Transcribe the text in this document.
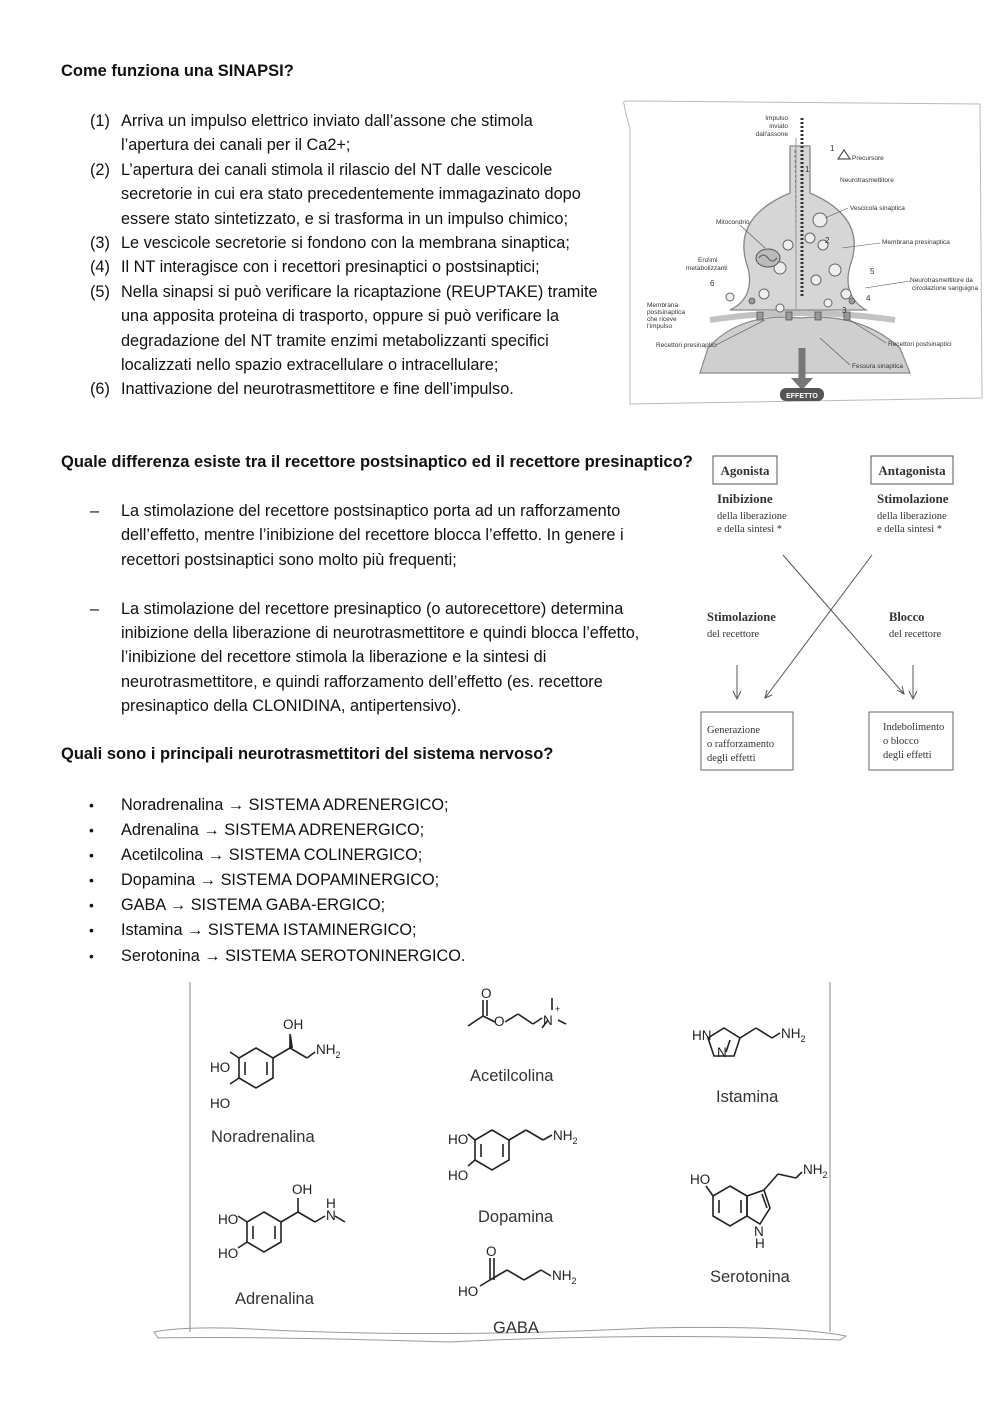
Come funziona una SINAPSI?
(1) Arriva un impulso elettrico inviato dall’assone che stimola
l’apertura dei canali per il Ca2+;
(2) L’apertura dei canali stimola il rilascio del NT dalle vescicole
secretorie in cui era stato precedentemente immagazinato dopo
essere stato sintetizzato, e si trasforma in un impulso chimico;
(3) Le vescicole secretorie si fondono con la membrana sinaptica;
(4) Il NT interagisce con i recettori presinaptici o postsinaptici;
(5) Nella sinapsi si può verificare la ricaptazione (REUPTAKE) tramite
una apposita proteina di trasporto, oppure si può verificare la
degradazione del NT tramite enzimi metabolizzanti specifici
localizzati nello spazio extracellulare o intracellulare;
(6) Inattivazione del neurotrasmettitore e fine dell’impulso.	EFFETTO
Impulso
inviato
dall'assone
1
Precursore
1
Neurotrasmettitore
Vescicola sinaptica
Mitocondrio
2	Membrana presinaptica
Enzimi
metabolizzanti
6
5
Neurotrasmettitore da
circolazione sanguigna
3
4
Membrana
postsinaptica
che riceve
l'impulso
Recettori presinaptici	Recettori postsinaptici
Fessura sinaptica
Quale differenza esiste tra il recettore postsinaptico ed il recettore presinaptico?
– La stimolazione del recettore postsinaptico porta ad un rafforzamento
dell’effetto, mentre l’inibizione del recettore blocca l’effetto. In genere i
recettori postsinaptici sono molto più frequenti;
– La stimolazione del recettore presinaptico (o autorecettore) determina
inibizione della liberazione di neurotrasmettitore e quindi blocca l’effetto,
l’inibizione del recettore stimola la liberazione e la sintesi di
neurotrasmettitore, e quindi rafforzamento dell’effetto (es. recettore
presinaptico della CLONIDINA, antipertensivo).
Agonista	Antagonista
Inibizione
della liberazione
e della sintesi *
Stimolazione
della liberazione
e della sintesi *
Stimolazione
del recettore
Blocco
del recettore
Generazione
o rafforzamento
degli effetti
Indebolimento
o blocco
degli effetti
Quali sono i principali neurotrasmettitori del sistema nervoso?
• Noradrenalina → SISTEMA ADRENERGICO;
• Adrenalina → SISTEMA ADRENERGICO;
• Acetilcolina → SISTEMA COLINERGICO;
• Dopamina → SISTEMA DOPAMINERGICO;
• GABA → SISTEMA GABA-ERGICO;
• Istamina → SISTEMA ISTAMINERGICO;
• Serotonina → SISTEMA SEROTONINERGICO.
HO
HO
OH
$NH_2$
HO
HO
OH
H
N
O
O	N
+
HO
HO
$NH_2$
O
HO
$NH_2$
HN
N
$NH_2$
HO
$NH_2$
N
H
Noradrenalina
Adrenalina
Acetilcolina
Dopamina
GABA
Istamina
Serotonina
